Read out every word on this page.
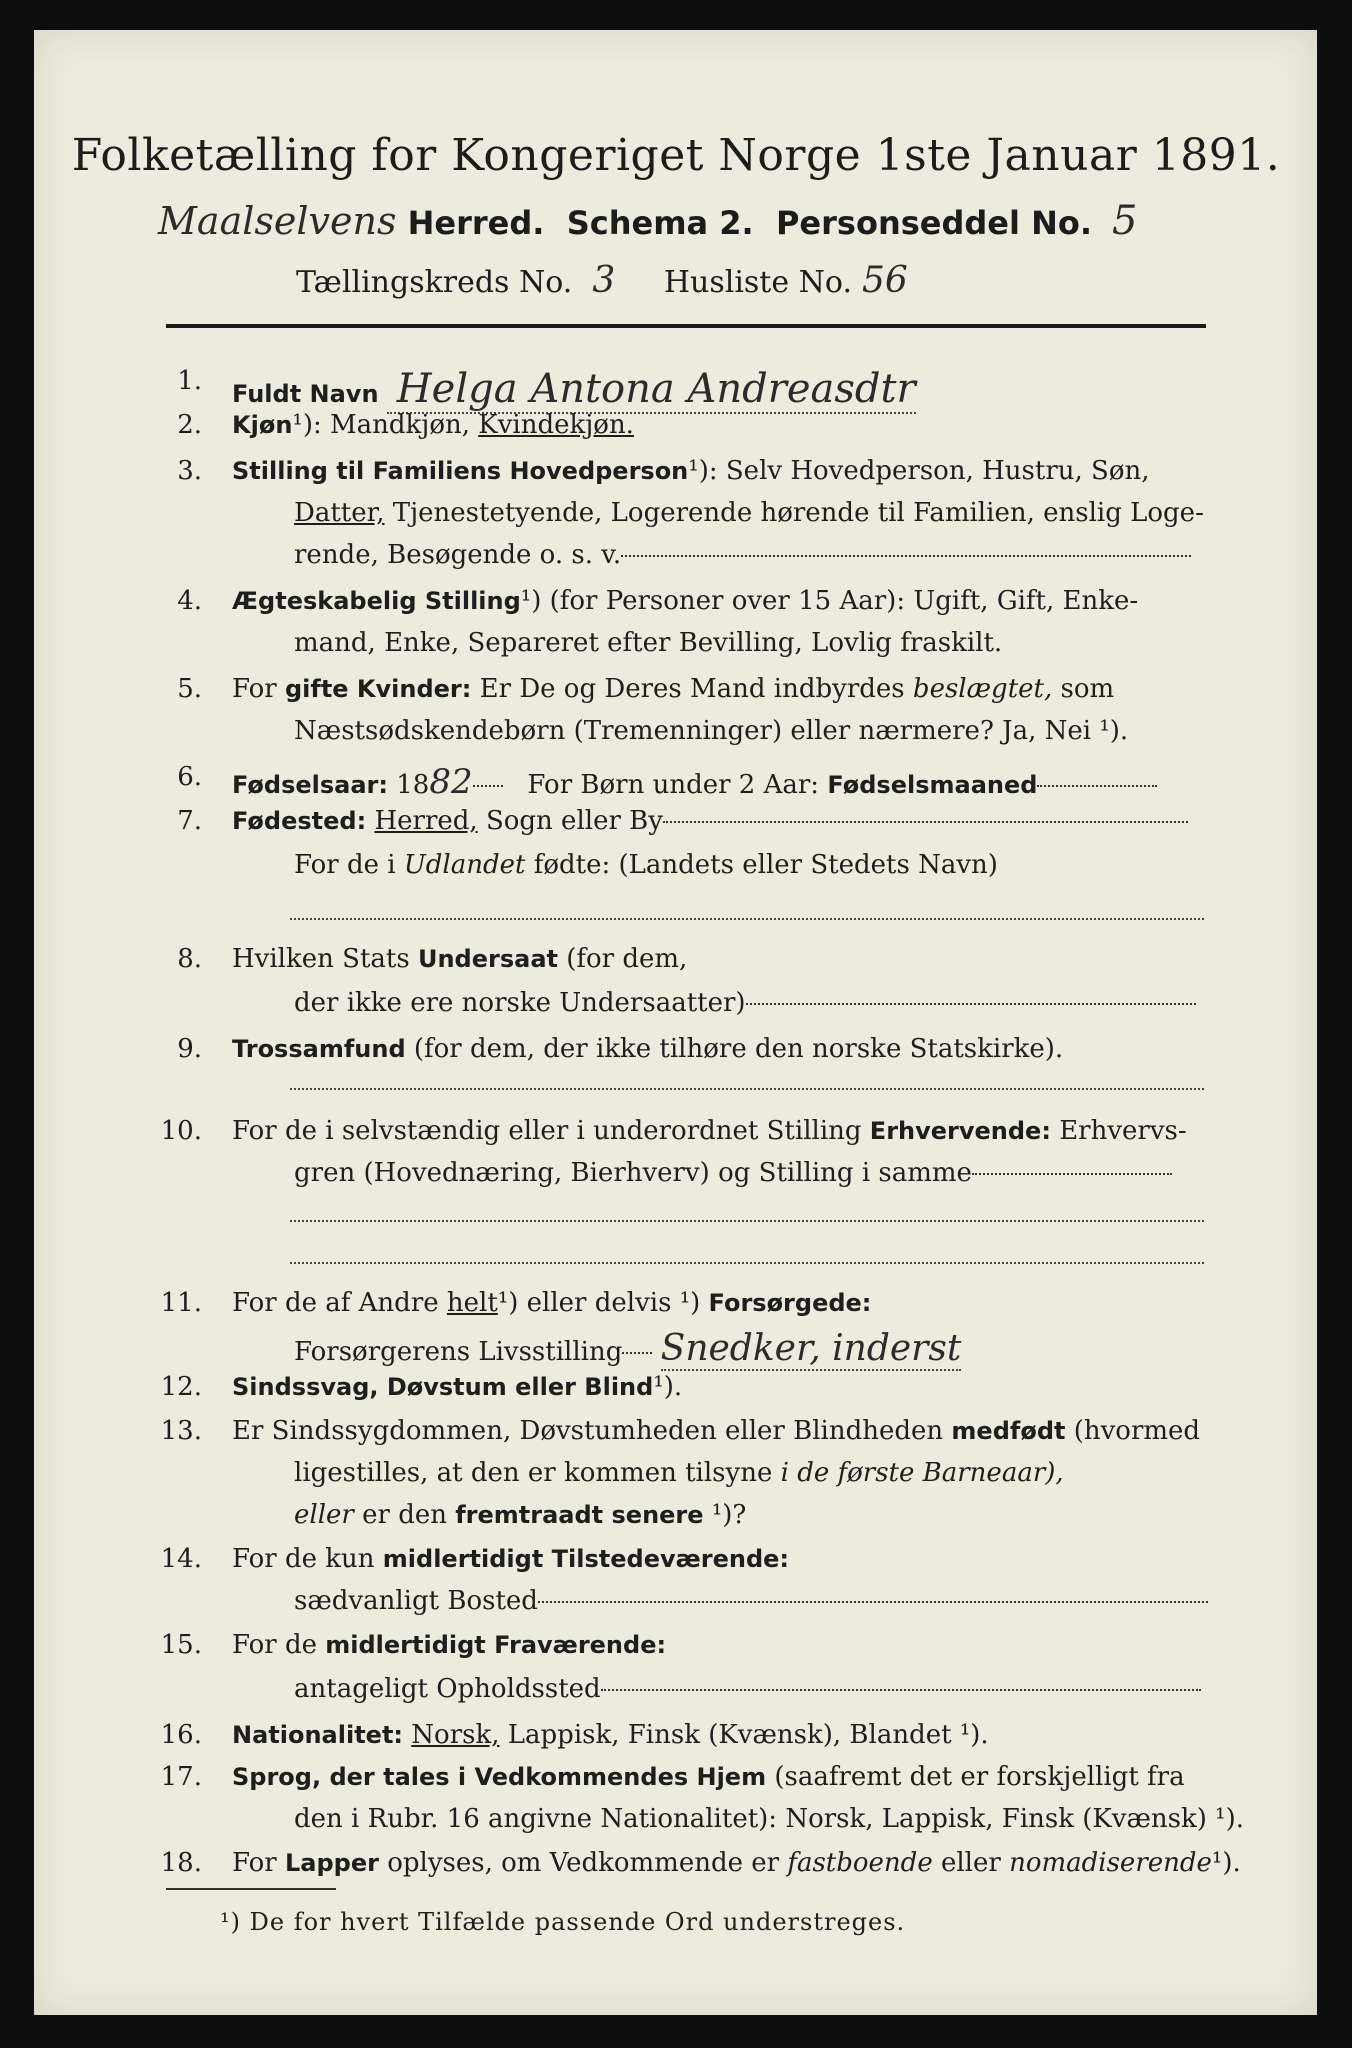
Folketælling for Kongeriget Norge 1ste Januar 1891.
Maalselvens Herred. Schema 2. Personseddel No. 5
Tællingskreds No. 3 Husliste No. 56
1. Fuldt Navn Helga Antona Andreasdtr
2. Kjøn¹): Mandkjøn, Kvindekjøn.
3. Stilling til Familiens Hovedperson¹): Selv Hovedperson, Hustru, Søn,
Datter, Tjenestetyende, Logerende hørende til Familien, enslig Loge-
rende, Besøgende o. s. v.
4. Ægteskabelig Stilling¹) (for Personer over 15 Aar): Ugift, Gift, Enke-
mand, Enke, Separeret efter Bevilling, Lovlig fraskilt.
5. For gifte Kvinder: Er De og Deres Mand indbyrdes beslægtet, som
Næstsødskendebørn (Tremenninger) eller nærmere? Ja, Nei ¹).
6. Fødselsaar: 1882 For Børn under 2 Aar: Fødselsmaaned
7. Fødested: Herred, Sogn eller By
For de i Udlandet fødte: (Landets eller Stedets Navn)
8. Hvilken Stats Undersaat (for dem,
der ikke ere norske Undersaatter)
9. Trossamfund (for dem, der ikke tilhøre den norske Statskirke).
10. For de i selvstændig eller i underordnet Stilling Erhvervende: Erhvervs-
gren (Hovednæring, Bierhverv) og Stilling i samme
11. For de af Andre helt¹) eller delvis ¹) Forsørgede:
Forsørgerens Livsstilling Snedker, inderst
12. Sindssvag, Døvstum eller Blind¹).
13. Er Sindssygdommen, Døvstumheden eller Blindheden medfødt (hvormed
ligestilles, at den er kommen tilsyne i de første Barneaar),
eller er den fremtraadt senere ¹)?
14. For de kun midlertidigt Tilstedeværende:
sædvanligt Bosted
15. For de midlertidigt Fraværende:
antageligt Opholdssted
16. Nationalitet: Norsk, Lappisk, Finsk (Kvænsk), Blandet ¹).
17. Sprog, der tales i Vedkommendes Hjem (saafremt det er forskjelligt fra
den i Rubr. 16 angivne Nationalitet): Norsk, Lappisk, Finsk (Kvænsk) ¹).
18. For Lapper oplyses, om Vedkommende er fastboende eller nomadiserende¹).
¹) De for hvert Tilfælde passende Ord understreges.
